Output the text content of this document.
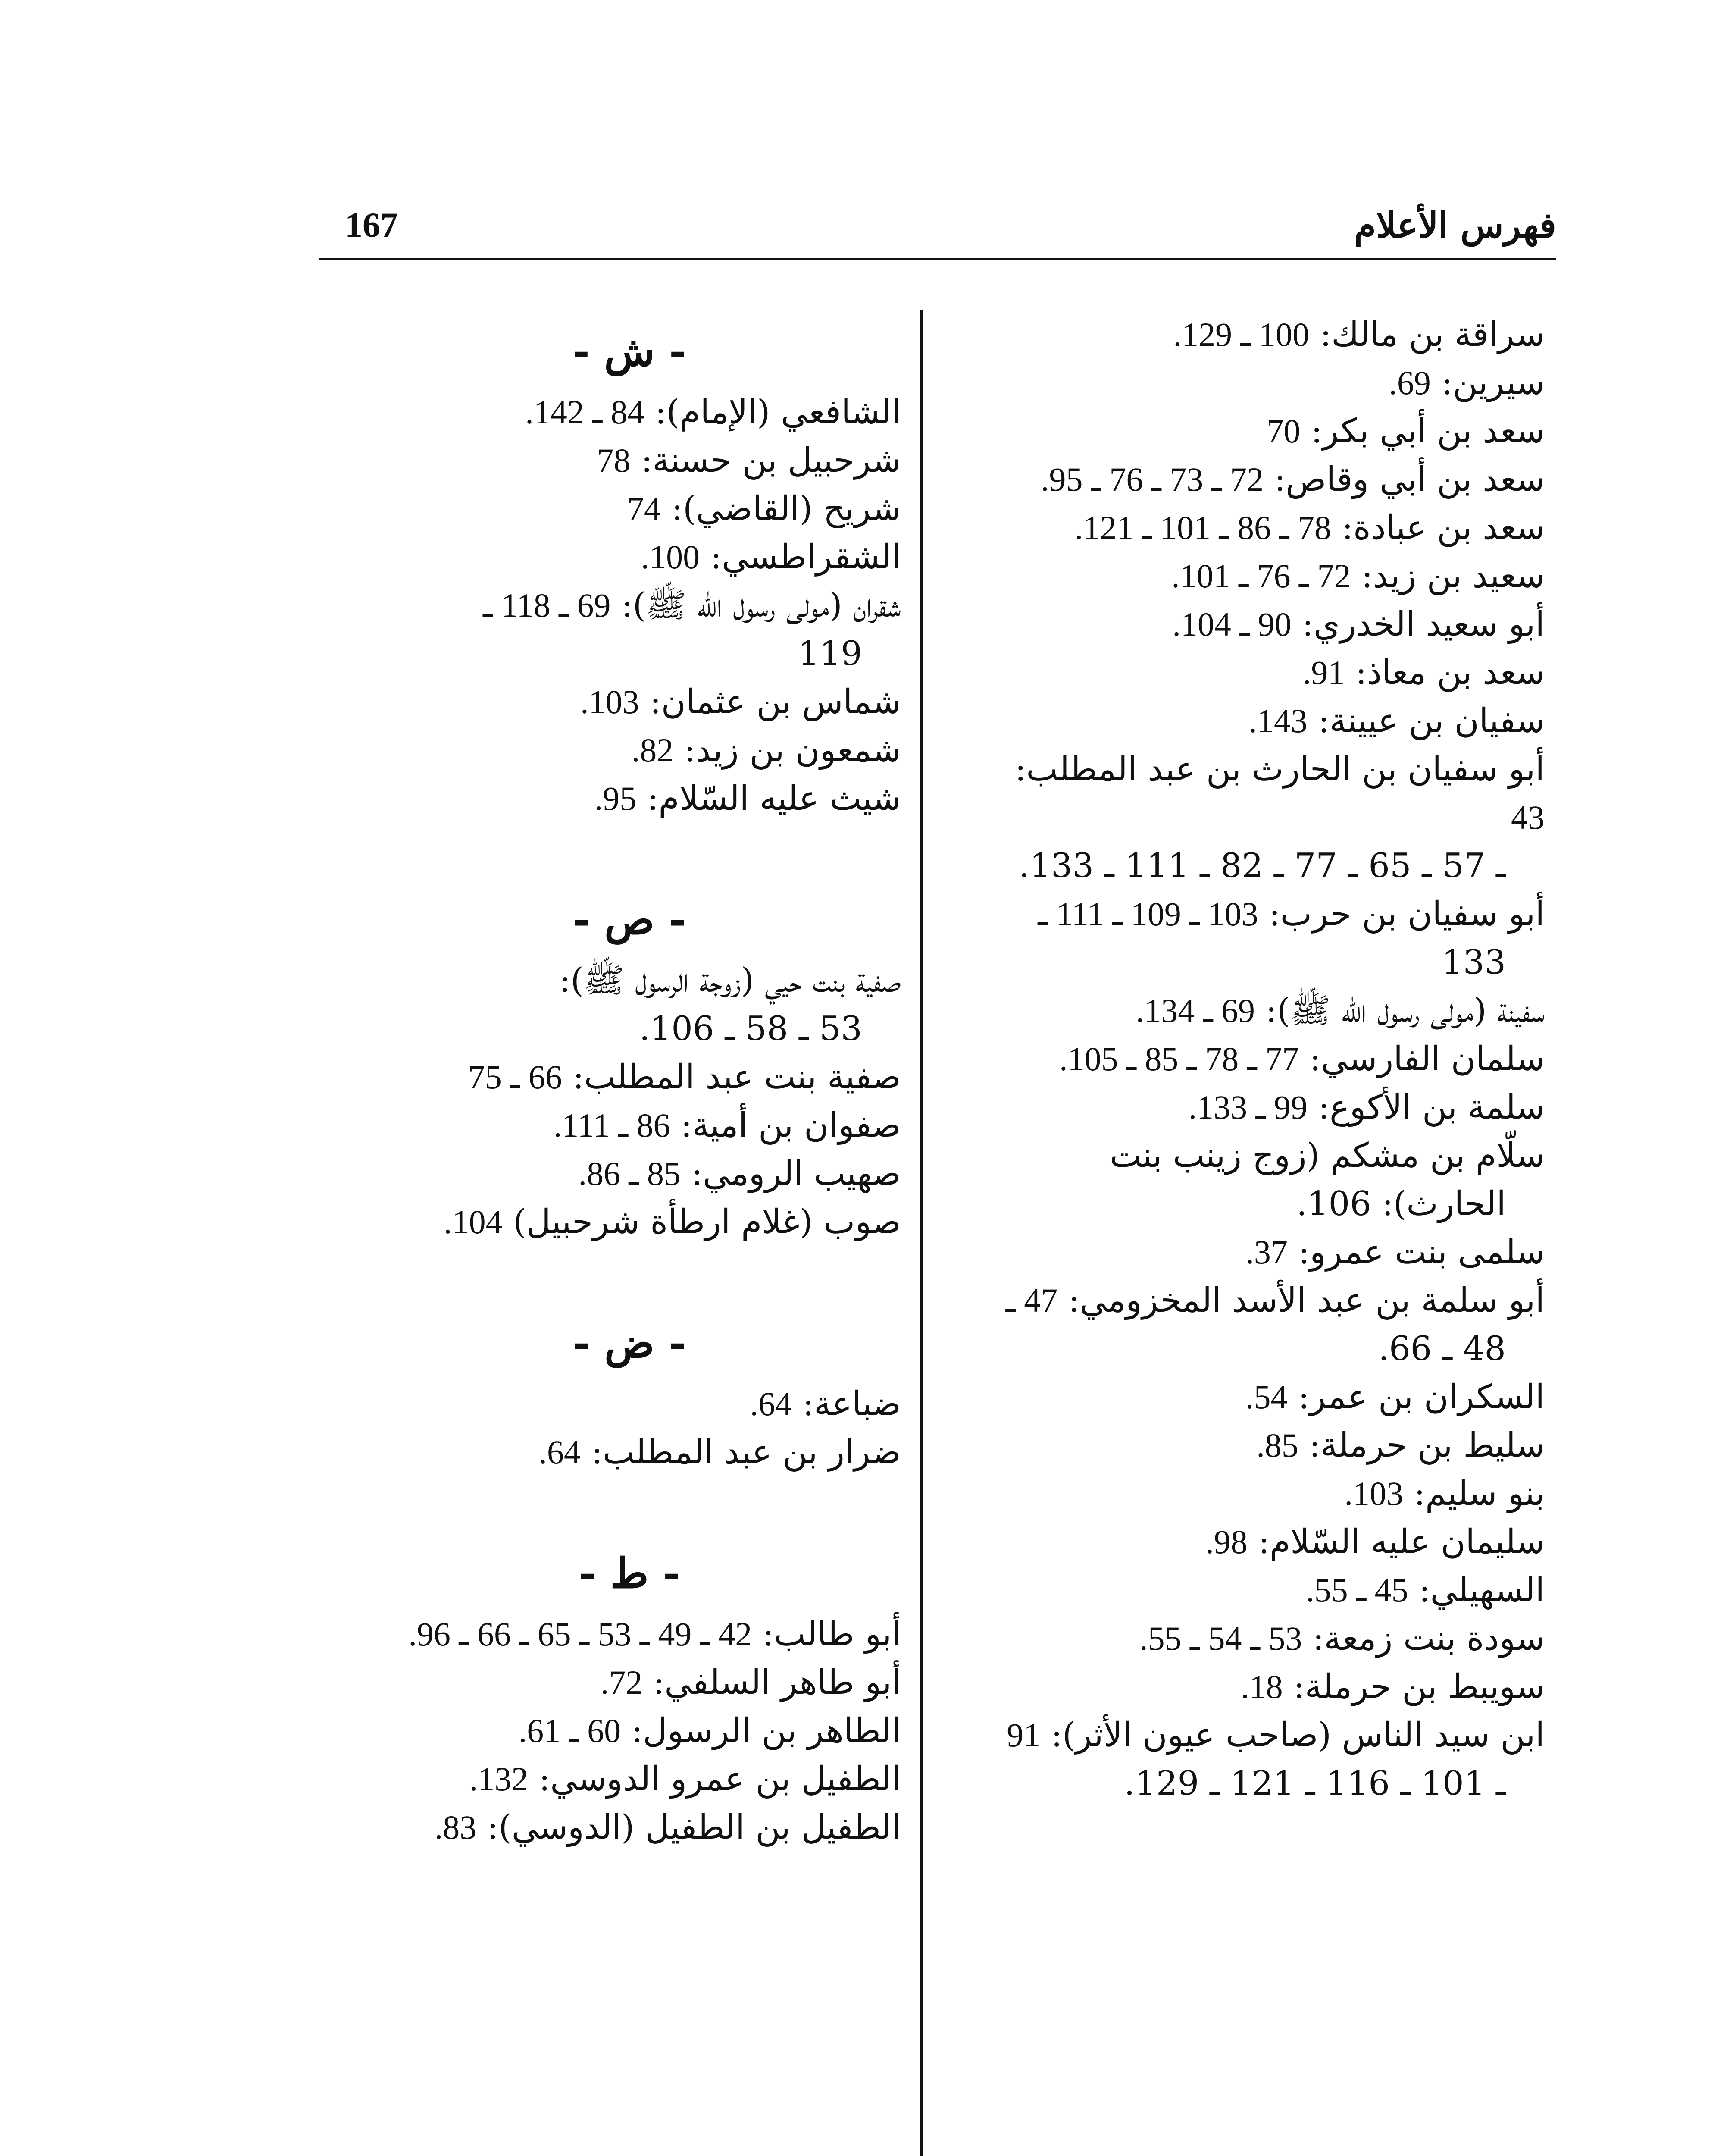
167	فهرس الأعلام
سراقة بن مالك: 100 ـ 129.
سيرين: 69.
سعد بن أبي بكر: 70
سعد بن أبي وقاص: 72 ـ 73 ـ 76 ـ 95.
سعد بن عبادة: 78 ـ 86 ـ 101 ـ 121.
سعيد بن زيد: 72 ـ 76 ـ 101.
أبو سعيد الخدري: 90 ـ 104.
سعد بن معاذ: 91.
سفيان بن عيينة: 143.
أبو سفيان بن الحارث بن عبد المطلب: 43
ـ 57 ـ 65 ـ 77 ـ 82 ـ 111 ـ 133.
أبو سفيان بن حرب: 103 ـ 109 ـ 111 ـ
133
سفينة (مولى رسول الله ﷺ): 69 ـ 134.
سلمان الفارسي: 77 ـ 78 ـ 85 ـ 105.
سلمة بن الأكوع: 99 ـ 133.
سلّام بن مشكم (زوج زينب بنت
الحارث): 106.
سلمى بنت عمرو: 37.
أبو سلمة بن عبد الأسد المخزومي: 47 ـ
48 ـ 66.
السكران بن عمر: 54.
سليط بن حرملة: 85.
بنو سليم: 103.
سليمان عليه السّلام: 98.
السهيلي: 45 ـ 55.
سودة بنت زمعة: 53 ـ 54 ـ 55.
سويبط بن حرملة: 18.
ابن سيد الناس (صاحب عيون الأثر): 91
ـ 101 ـ 116 ـ 121 ـ 129.
- ش -
الشافعي (الإمام): 84 ـ 142.
شرحبيل بن حسنة: 78
شريح (القاضي): 74
الشقراطسي: 100.
شقران (مولى رسول الله ﷺ): 69 ـ 118 ـ
119
شماس بن عثمان: 103.
شمعون بن زيد: 82.
شيث عليه السّلام: 95.
- ص -
صفية بنت حيي (زوجة الرسول ﷺ):
53 ـ 58 ـ 106.
صفية بنت عبد المطلب: 66 ـ 75
صفوان بن أمية: 86 ـ 111.
صهيب الرومي: 85 ـ 86.
صوب (غلام ارطأة شرحبيل) 104.
- ض -
ضباعة: 64.
ضرار بن عبد المطلب: 64.
- ط -
أبو طالب: 42 ـ 49 ـ 53 ـ 65 ـ 66 ـ 96.
أبو طاهر السلفي: 72.
الطاهر بن الرسول: 60 ـ 61.
الطفيل بن عمرو الدوسي: 132.
الطفيل بن الطفيل (الدوسي): 83.
